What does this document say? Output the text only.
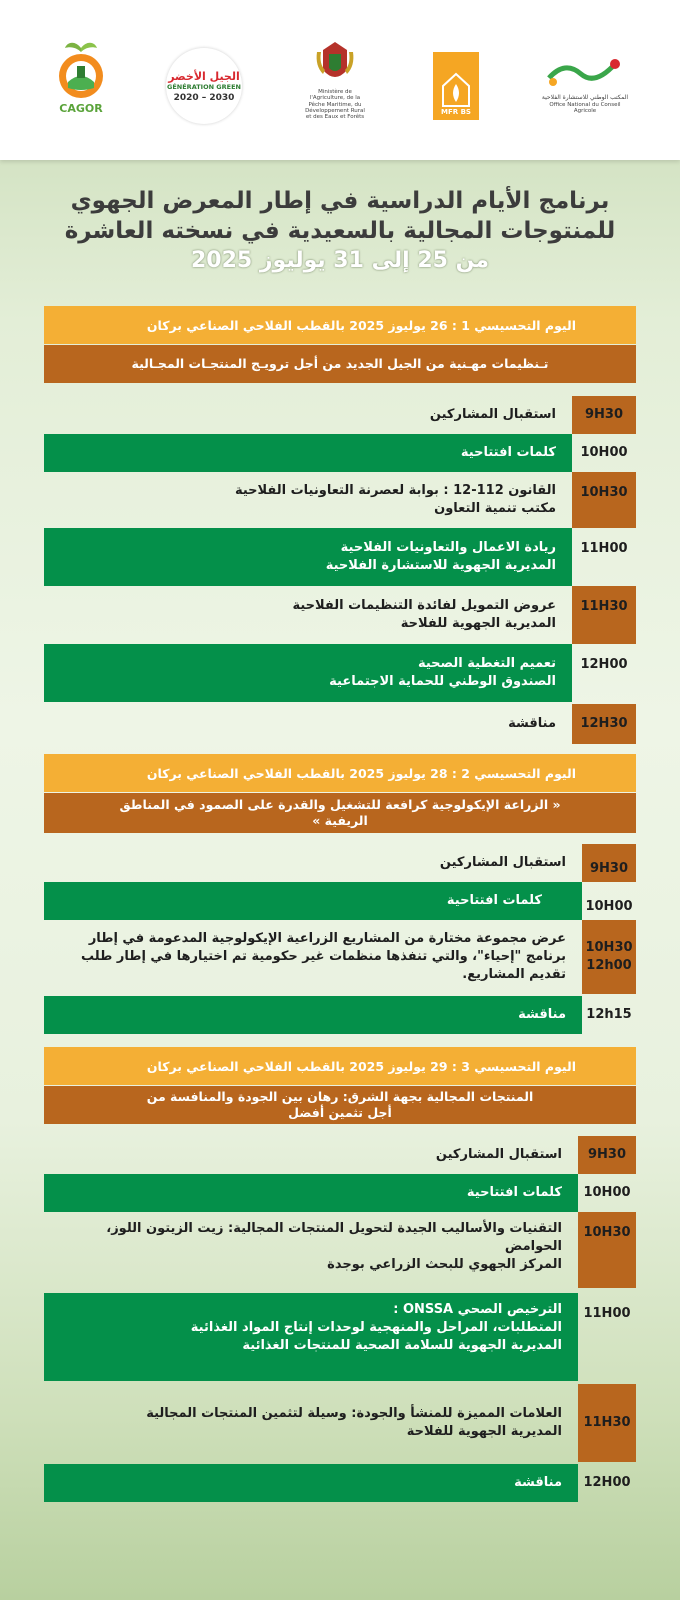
CAGOR
الجيل الأخضر
GÉNÉRATION GREEN
2020 – 2030
Ministère de l'Agriculture, de la Pêche Maritime, du Développement Rural et des Eaux et Forêts
MFR BS
المكتب الوطني للاستشارة الفلاحية
Office National du Conseil Agricole
برنامج الأيام الدراسية في إطار المعرض الجهوي
للمنتوجات المجالية بالسعيدية في نسخته العاشرة
من 25 إلى 31 يوليوز 2025
اليوم التحسيسي 1 : 26 يوليوز 2025 بالقطب الفلاحي الصناعي بركان
تـنظيمات مهـنية من الجيل الجديد من أجل ترويـج المنتجـات المجـالية
9H30
استقبال المشاركين
10H00
كلمات افتتاحية
10H30
القانون 112-12 : بوابة لعصرنة التعاونيات الفلاحية
مكتب تنمية التعاون
11H00
ريادة الاعمال والتعاونيات الفلاحية
المديرية الجهوية للاستشارة الفلاحية
11H30
عروض التمويل لفائدة التنظيمات الفلاحية
المديرية الجهوية للفلاحة
12H00
تعميم التغطية الصحية
الصندوق الوطني للحماية الاجتماعية
12H30
مناقشة
اليوم التحسيسي 2 : 28 يوليوز 2025 بالقطب الفلاحي الصناعي بركان
« الزراعة الإيكولوجية كرافعة للتشغيل والقدرة على الصمود في المناطق الريفية »
9H30
استقبال المشاركين
10H00
كلمات افتتاحية
10H30
12h00
عرض مجموعة مختارة من المشاريع الزراعية الإيكولوجية المدعومة في إطار برنامج "إحياء"، والتي تنفذها منظمات غير حكومية تم اختيارها في إطار طلب تقديم المشاريع.
12h15
مناقشة
اليوم التحسيسي 3 : 29 يوليوز 2025 بالقطب الفلاحي الصناعي بركان
المنتجات المجالية بجهة الشرق: رهان بين الجودة والمنافسة من أجل تثمين أفضل
9H30
استقبال المشاركين
10H00
كلمات افتتاحية
10H30
التقنيات والأساليب الجيدة لتحويل المنتجات المجالية: زيت الزيتون اللوز، الحوامض
المركز الجهوي للبحث الزراعي بوجدة
11H00
الترخيص الصحي ONSSA :
المتطلبات، المراحل والمنهجية لوحدات إنتاج المواد الغذائية
المديرية الجهوية للسلامة الصحية للمنتجات الغذائية
11H30
العلامات المميزة للمنشأ والجودة: وسيلة لتثمين المنتجات المجالية
المديرية الجهوية للفلاحة
12H00
مناقشة
